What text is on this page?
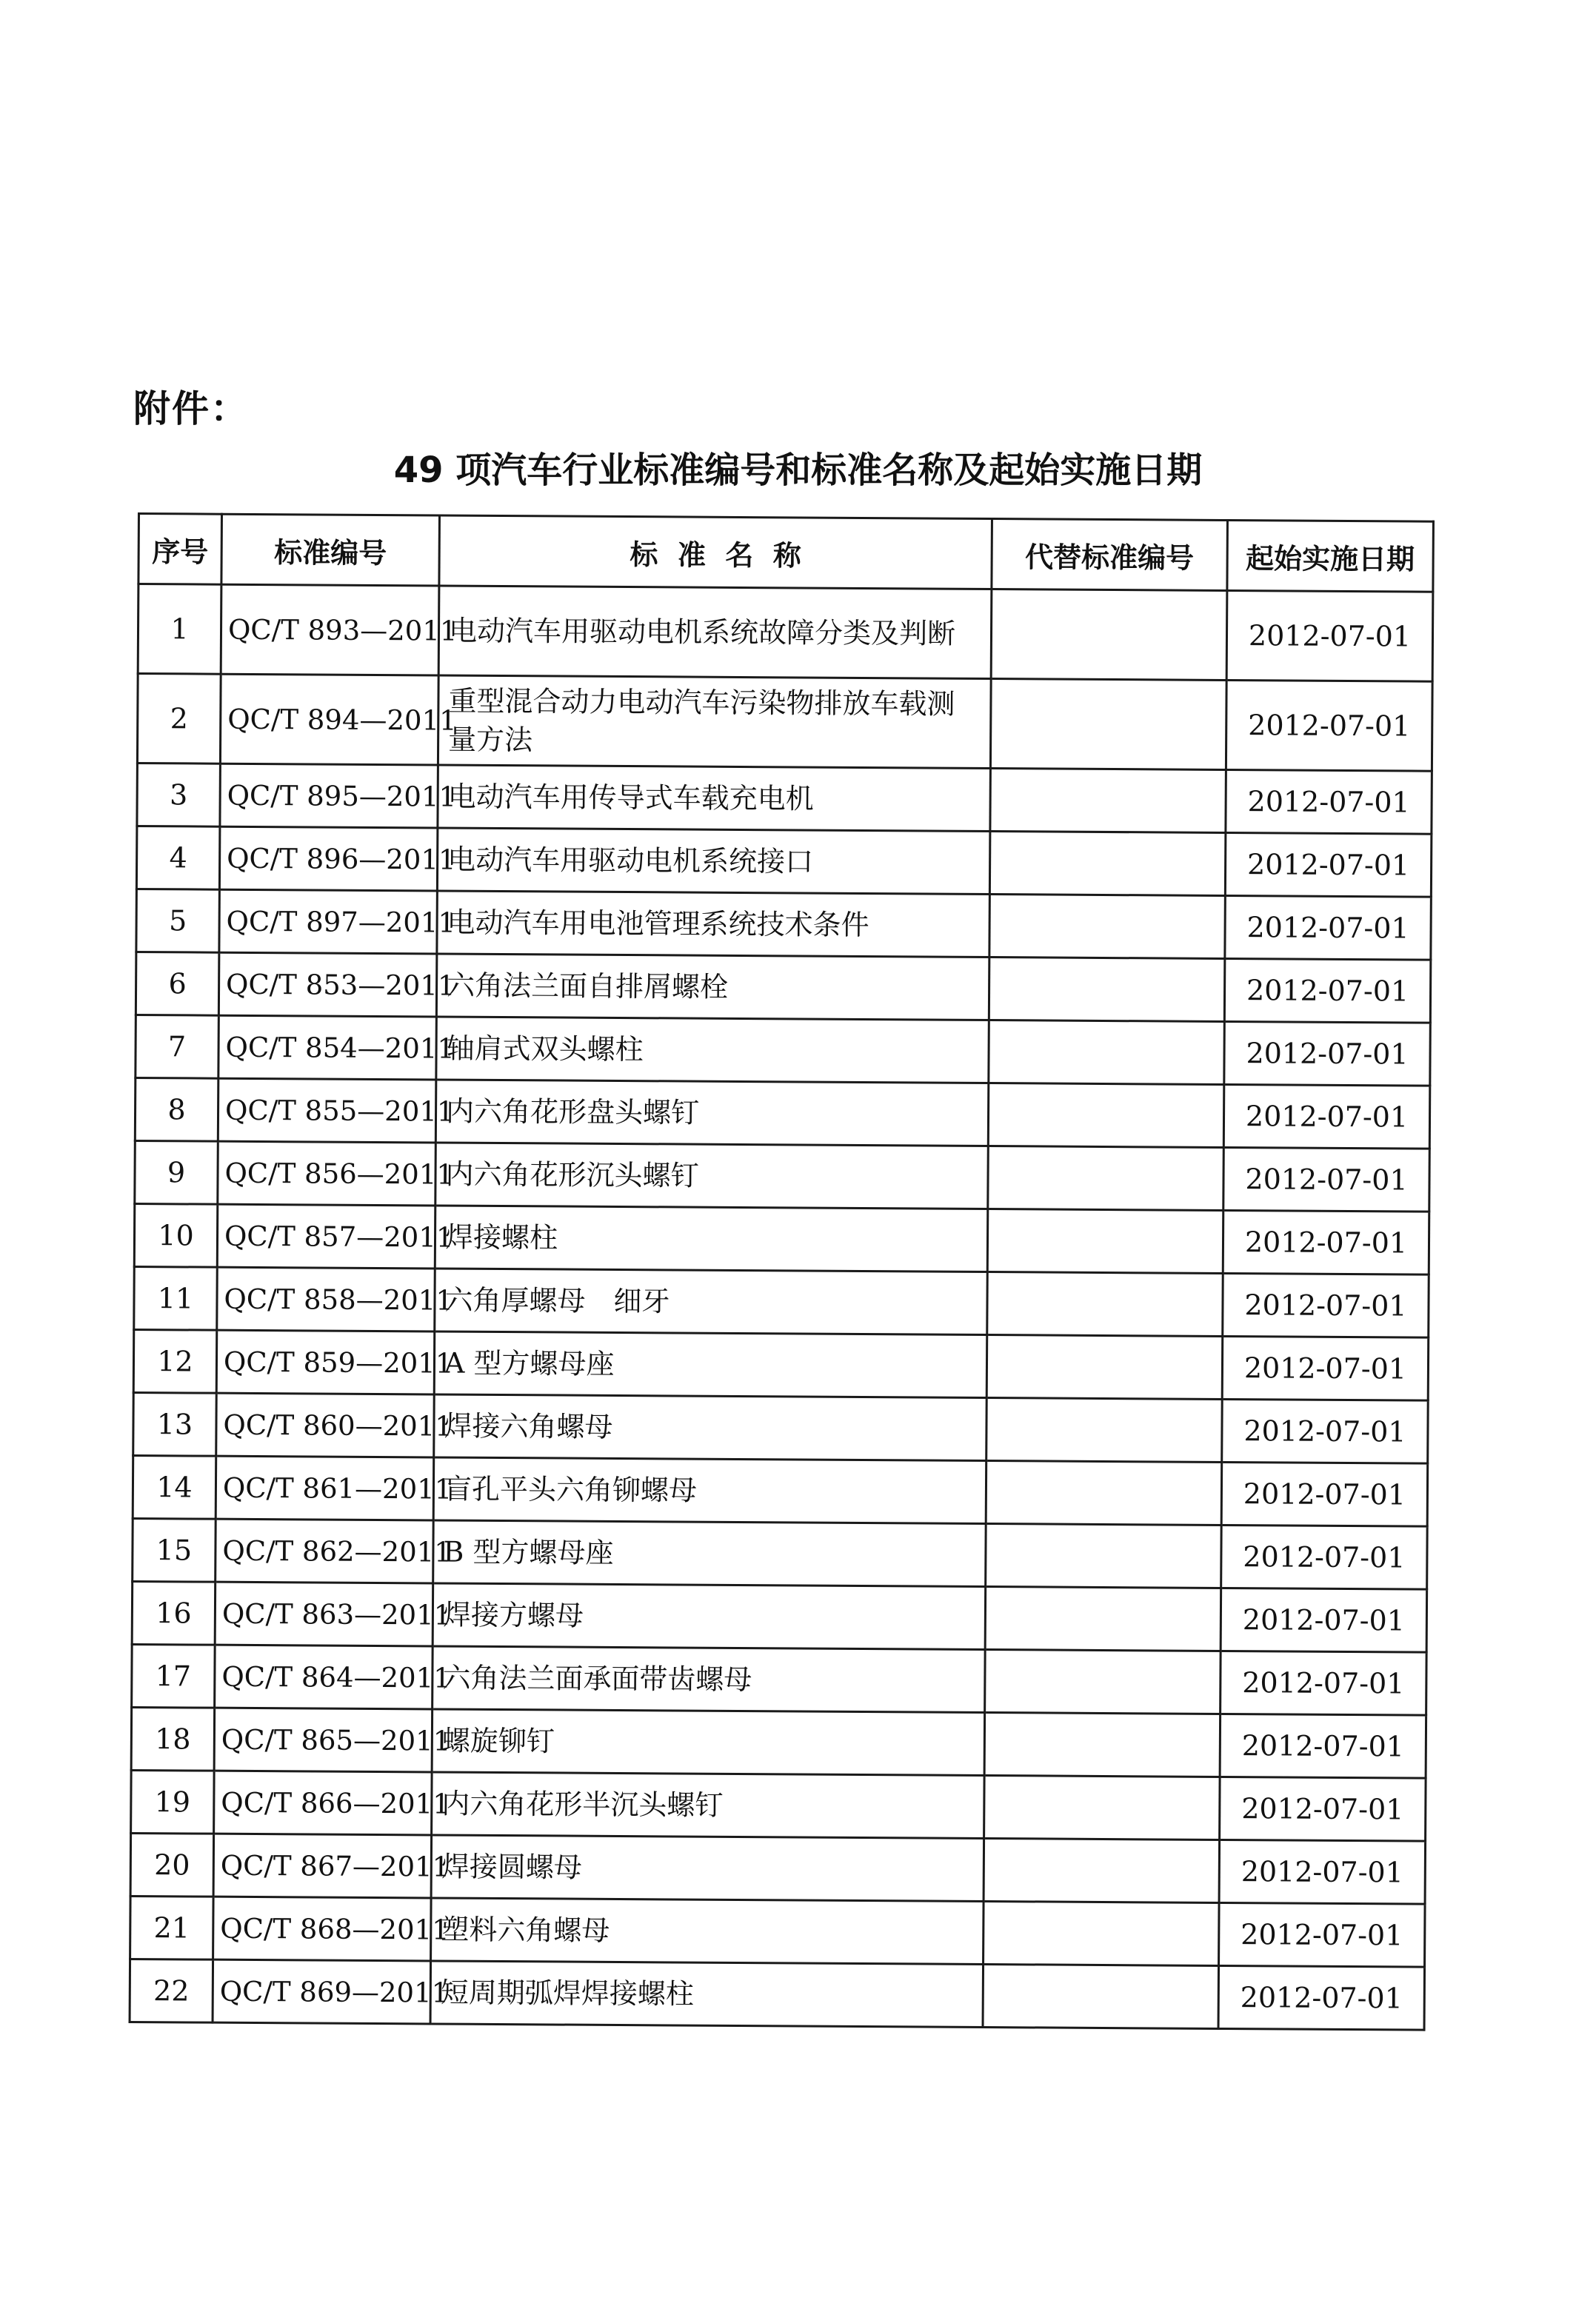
附件：
49 项汽车行业标准编号和标准名称及起始实施日期
序号	标准编号	标  准  名  称	代替标准编号	起始实施日期
1	QC/T 893—2011	电动汽车用驱动电机系统故障分类及判断		2012-07-01
2	QC/T 894—2011	重型混合动力电动汽车污染物排放车载测量方法		2012-07-01
3	QC/T 895—2011	电动汽车用传导式车载充电机		2012-07-01
4	QC/T 896—2011	电动汽车用驱动电机系统接口		2012-07-01
5	QC/T 897—2011	电动汽车用电池管理系统技术条件		2012-07-01
6	QC/T 853—2011	六角法兰面自排屑螺栓		2012-07-01
7	QC/T 854—2011	轴肩式双头螺柱		2012-07-01
8	QC/T 855—2011	内六角花形盘头螺钉		2012-07-01
9	QC/T 856—2011	内六角花形沉头螺钉		2012-07-01
10	QC/T 857—2011	焊接螺柱		2012-07-01
11	QC/T 858—2011	六角厚螺母　细牙		2012-07-01
12	QC/T 859—2011	A 型方螺母座		2012-07-01
13	QC/T 860—2011	焊接六角螺母		2012-07-01
14	QC/T 861—2011	盲孔平头六角铆螺母		2012-07-01
15	QC/T 862—2011	B 型方螺母座		2012-07-01
16	QC/T 863—2011	焊接方螺母		2012-07-01
17	QC/T 864—2011	六角法兰面承面带齿螺母		2012-07-01
18	QC/T 865—2011	螺旋铆钉		2012-07-01
19	QC/T 866—2011	内六角花形半沉头螺钉		2012-07-01
20	QC/T 867—2011	焊接圆螺母		2012-07-01
21	QC/T 868—2011	塑料六角螺母		2012-07-01
22	QC/T 869—2011	短周期弧焊焊接螺柱		2012-07-01
